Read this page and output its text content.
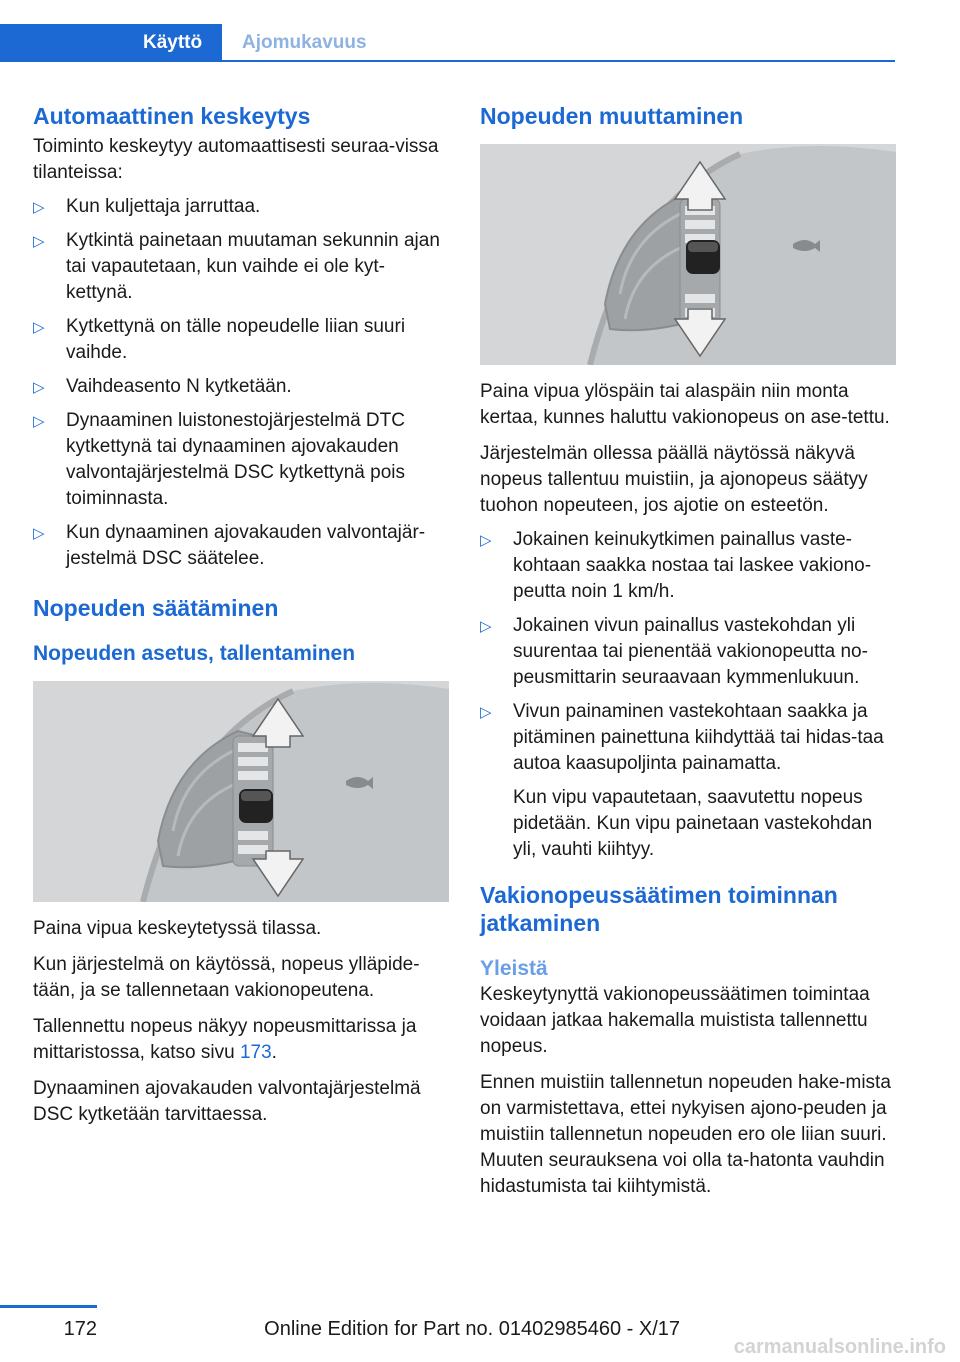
Käyttö	Ajomukavuus
Automaattinen keskeytys

Toiminto keskeytyy automaattisesti seuraa-vissa tilanteissa:

▷ Kun kuljettaja jarruttaa.
▷ Kytkintä painetaan muutaman sekunnin ajan tai vapautetaan, kun vaihde ei ole kyt-kettynä.
▷ Kytkettynä on tälle nopeudelle liian suuri vaihde.
▷ Vaihdeasento N kytketään.
▷ Dynaaminen luistonestojärjestelmä DTC kytkettynä tai dynaaminen ajovakauden valvontajärjestelmä DSC kytkettynä pois toiminnasta.
▷ Kun dynaaminen ajovakauden valvontajär-jestelmä DSC säätelee.
Nopeuden säätäminen
Nopeuden asetus, tallentaminen

Paina vipua keskeytetyssä tilassa.

Kun järjestelmä on käytössä, nopeus ylläpide-tään, ja se tallennetaan vakionopeutena.

Tallennettu nopeus näkyy nopeusmittarissa ja mittaristossa, katso sivu 173.

Dynaaminen ajovakauden valvontajärjestelmä DSC kytketään tarvittaessa.

Nopeuden muuttaminen

Paina vipua ylöspäin tai alaspäin niin monta kertaa, kunnes haluttu vakionopeus on ase-tettu.

Järjestelmän ollessa päällä näytössä näkyvä nopeus tallentuu muistiin, ja ajonopeus säätyy tuohon nopeuteen, jos ajotie on esteetön.

▷ Jokainen keinukytkimen painallus vaste-kohtaan saakka nostaa tai laskee vakiono-peutta noin 1 km/h.
▷ Jokainen vivun painallus vastekohdan yli suurentaa tai pienentää vakionopeutta no-peusmittarin seuraavaan kymmenlukuun.
▷ Vivun painaminen vastekohtaan saakka ja pitäminen painettuna kiihdyttää tai hidas-taa autoa kaasupoljinta painamatta.
Kun vipu vapautetaan, saavutettu nopeus pidetään. Kun vipu painetaan vastekohdan yli, vauhti kiihtyy.
Vakionopeussäätimen toiminnan jatkaminen
Yleistä

Keskeytynyttä vakionopeussäätimen toimintaa voidaan jatkaa hakemalla muistista tallennettu nopeus.

Ennen muistiin tallennetun nopeuden hake-mista on varmistettava, ettei nykyisen ajono-peuden ja muistiin tallennetun nopeuden ero ole liian suuri. Muuten seurauksena voi olla ta-hatonta vauhdin hidastumista tai kiihtymistä.

172	Online Edition for Part no. 01402985460 - X/17
carmanualsonline.info
